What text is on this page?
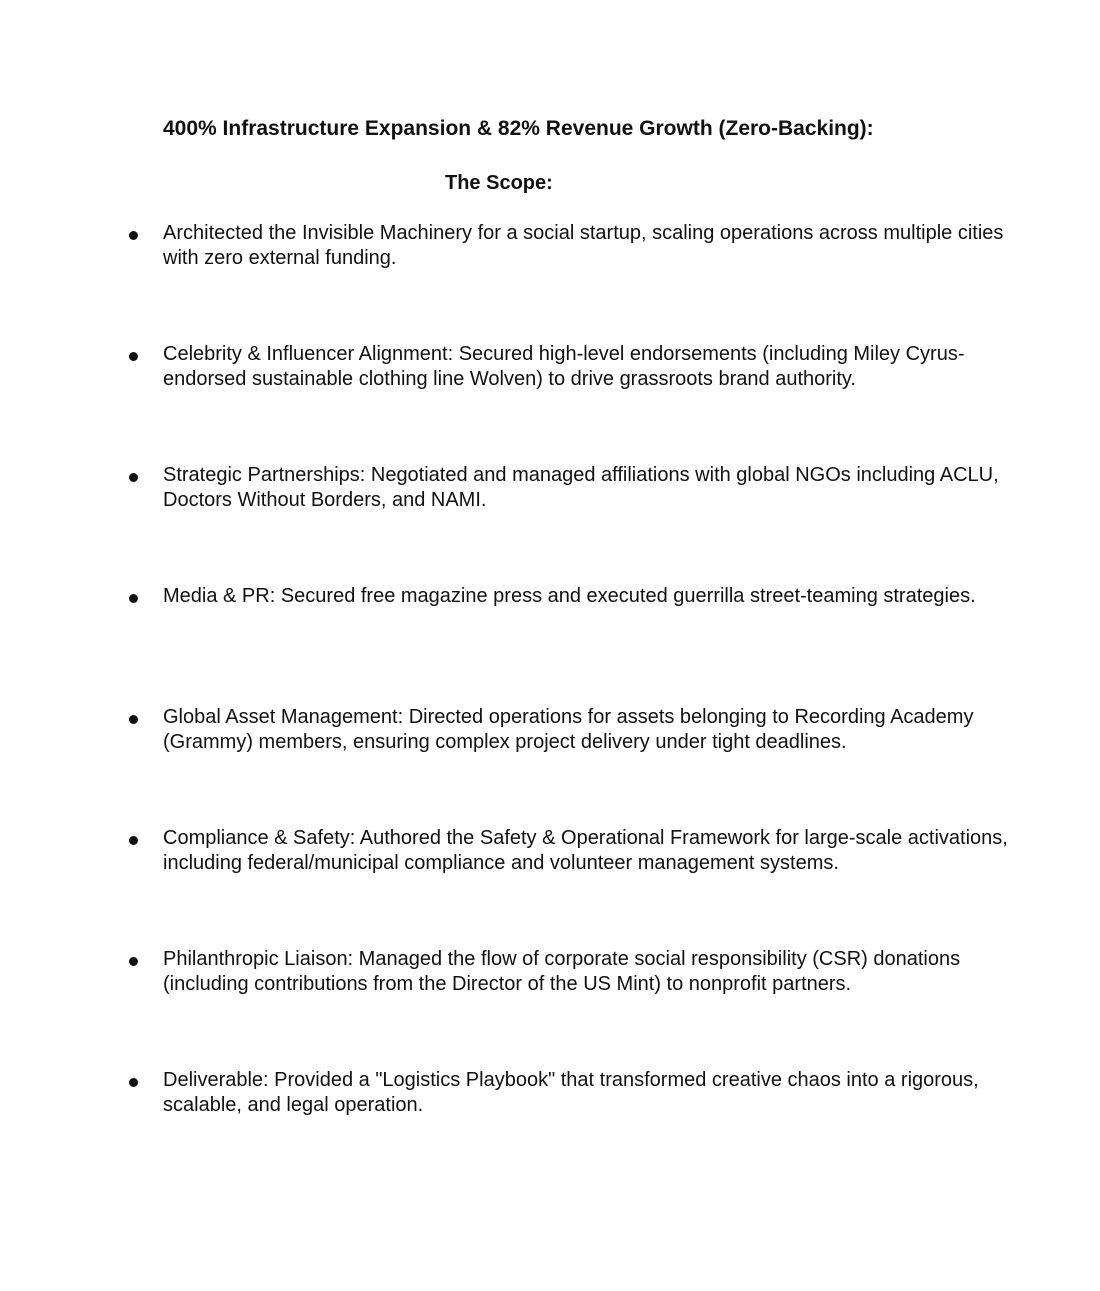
400% Infrastructure Expansion & 82% Revenue Growth (Zero-Backing):
The Scope:
Architected the Invisible Machinery for a social startup, scaling operations across multiple cities with zero external funding.
Celebrity & Influencer Alignment: Secured high-level endorsements (including Miley Cyrus-endorsed sustainable clothing line Wolven) to drive grassroots brand authority.
Strategic Partnerships: Negotiated and managed affiliations with global NGOs including ACLU, Doctors Without Borders, and NAMI.
Media & PR: Secured free magazine press and executed guerrilla street-teaming strategies.
Global Asset Management: Directed operations for assets belonging to Recording Academy (Grammy) members, ensuring complex project delivery under tight deadlines.
Compliance & Safety: Authored the Safety & Operational Framework for large-scale activations, including federal/municipal compliance and volunteer management systems.
Philanthropic Liaison: Managed the flow of corporate social responsibility (CSR) donations (including contributions from the Director of the US Mint) to nonprofit partners.
Deliverable: Provided a "Logistics Playbook" that transformed creative chaos into a rigorous, scalable, and legal operation.
